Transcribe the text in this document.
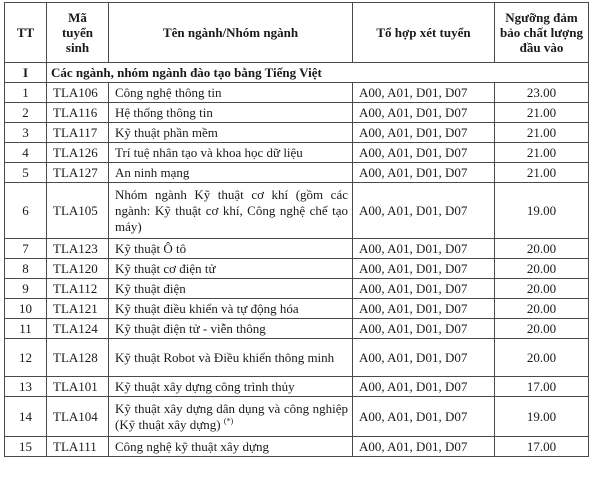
TT	Mã tuyển sinh	Tên ngành/Nhóm ngành	Tổ hợp xét tuyển	Ngưỡng đảm bảo chất lượng đầu vào
I	Các ngành, nhóm ngành đào tạo bằng Tiếng Việt			
1	TLA106	Công nghệ thông tin	A00, A01, D01, D07	23.00
2	TLA116	Hệ thống thông tin	A00, A01, D01, D07	21.00
3	TLA117	Kỹ thuật phần mềm	A00, A01, D01, D07	21.00
4	TLA126	Trí tuệ nhân tạo và khoa học dữ liệu	A00, A01, D01, D07	21.00
5	TLA127	An ninh mạng	A00, A01, D01, D07	21.00
6	TLA105	Nhóm ngành Kỹ thuật cơ khí (gồm các ngành: Kỹ thuật cơ khí, Công nghệ chế tạo máy)	A00, A01, D01, D07	19.00
7	TLA123	Kỹ thuật Ô tô	A00, A01, D01, D07	20.00
8	TLA120	Kỹ thuật cơ điện tử	A00, A01, D01, D07	20.00
9	TLA112	Kỹ thuật điện	A00, A01, D01, D07	20.00
10	TLA121	Kỹ thuật điều khiển và tự động hóa	A00, A01, D01, D07	20.00
11	TLA124	Kỹ thuật điện tử - viễn thông	A00, A01, D01, D07	20.00
12	TLA128	Kỹ thuật Robot và Điều khiển thông minh	A00, A01, D01, D07	20.00
13	TLA101	Kỹ thuật xây dựng công trình thủy	A00, A01, D01, D07	17.00
14	TLA104	Kỹ thuật xây dựng dân dụng và công nghiệp (Kỹ thuật xây dựng) (*)	A00, A01, D01, D07	19.00
15	TLA111	Công nghệ kỹ thuật xây dựng	A00, A01, D01, D07	17.00
